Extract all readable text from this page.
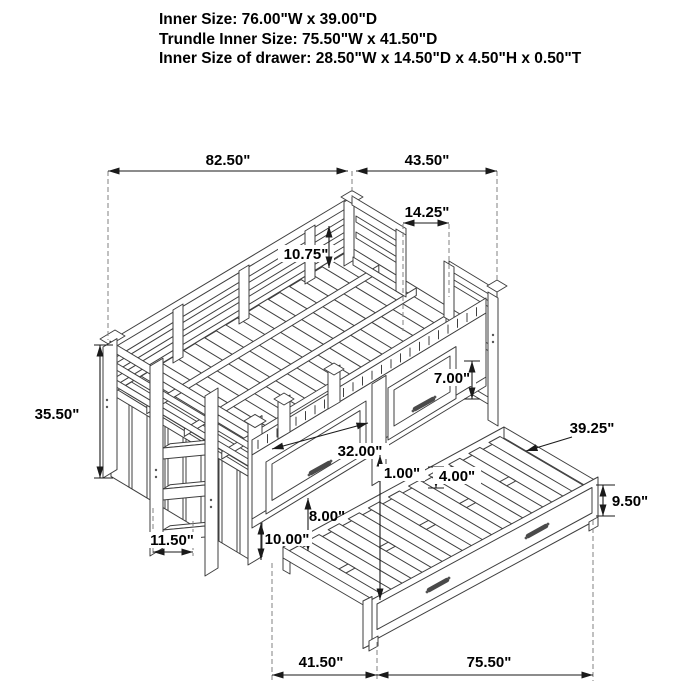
Inner Size: 76.00"W x 39.00"D
Trundle Inner Size: 75.50"W x 41.50"D
Inner Size of drawer: 28.50"W x 14.50"D x 4.50"H x 0.50"T
82.50"	43.50"
14.25"
10.75"
35.50"
11.50"
7.00"
32.00"
1.00" 4.00"
8.00"
10.00"
39.25"
9.50"
41.50"	75.50"
